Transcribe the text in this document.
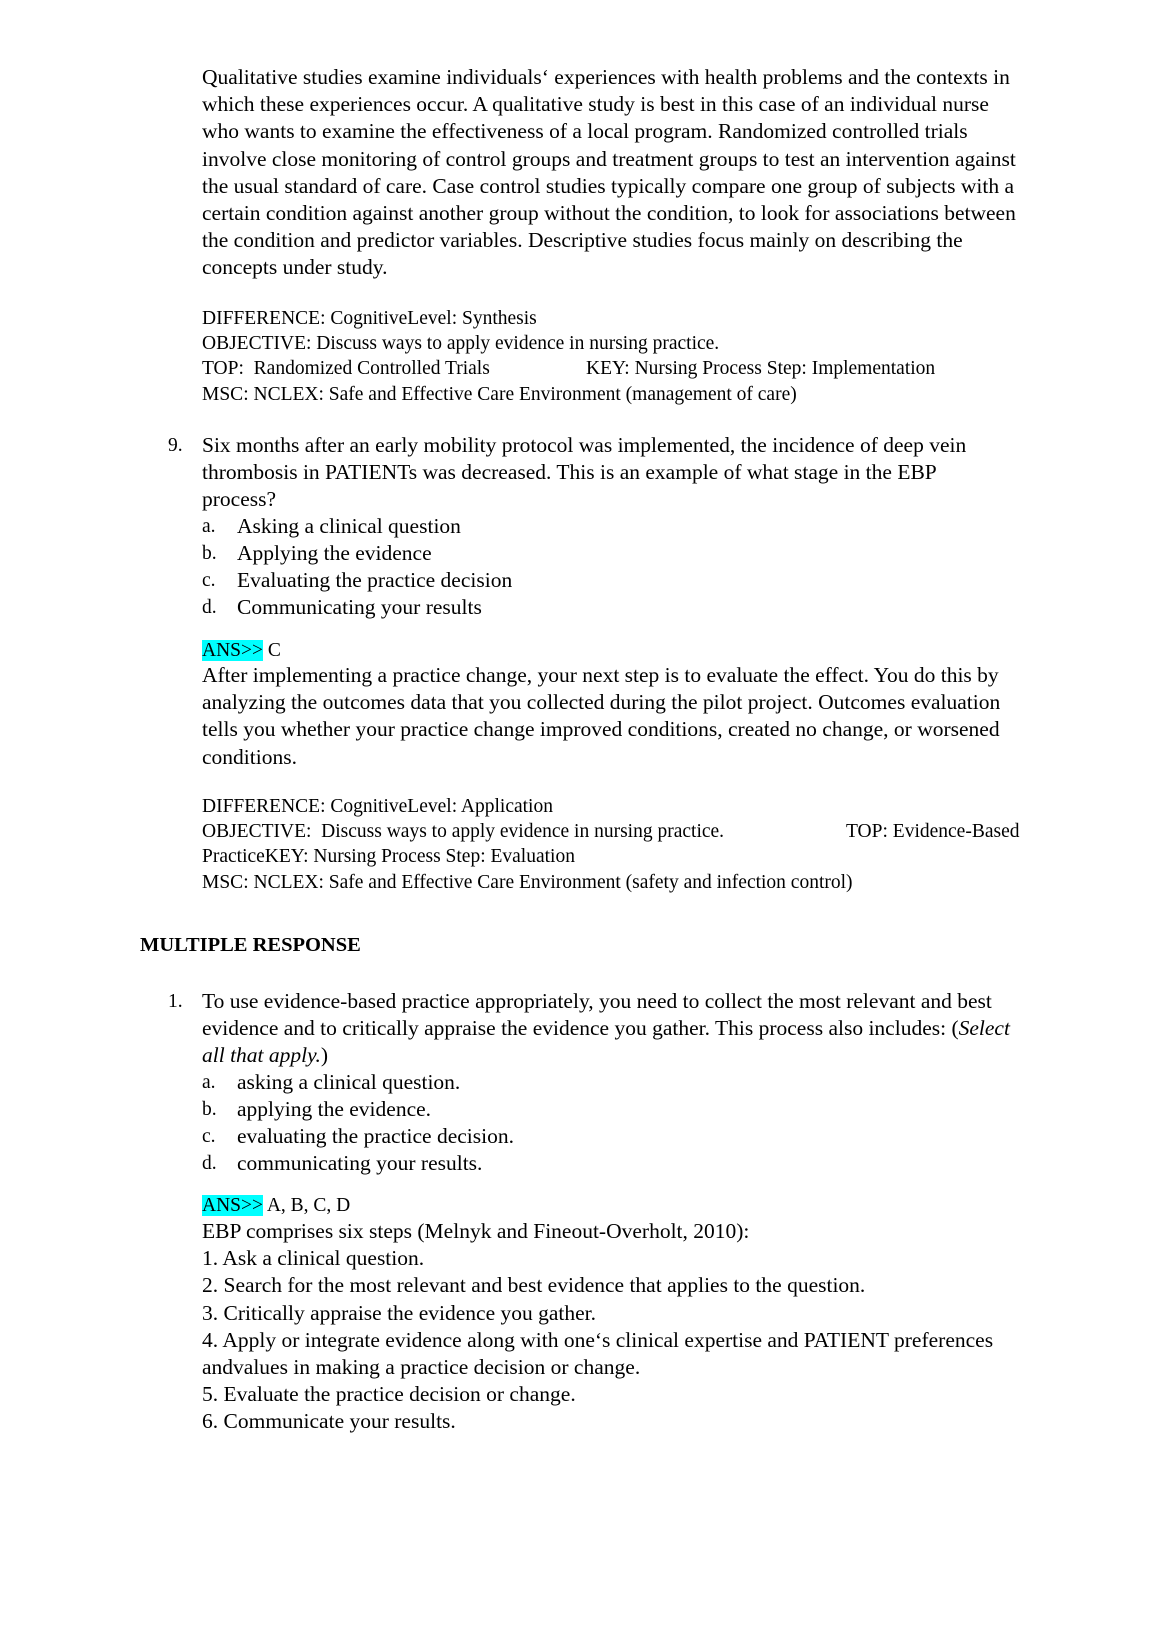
Qualitative studies examine individuals‘ experiences with health problems and the contexts in
which these experiences occur. A qualitative study is best in this case of an individual nurse
who wants to examine the effectiveness of a local program. Randomized controlled trials
involve close monitoring of control groups and treatment groups to test an intervention against
the usual standard of care. Case control studies typically compare one group of subjects with a
certain condition against another group without the condition, to look for associations between
the condition and predictor variables. Descriptive studies focus mainly on describing the
concepts under study.
DIFFERENCE: CognitiveLevel: Synthesis
OBJECTIVE: Discuss ways to apply evidence in nursing practice.
TOP:  Randomized Controlled Trials	KEY: Nursing Process Step: Implementation
MSC: NCLEX: Safe and Effective Care Environment (management of care)
9. Six months after an early mobility protocol was implemented, the incidence of deep vein
thrombosis in PATIENTs was decreased. This is an example of what stage in the EBP
process?
a. Asking a clinical question
b. Applying the evidence
c. Evaluating the practice decision
d. Communicating your results
ANS>> C
After implementing a practice change, your next step is to evaluate the effect. You do this by
analyzing the outcomes data that you collected during the pilot project. Outcomes evaluation
tells you whether your practice change improved conditions, created no change, or worsened
conditions.
DIFFERENCE: CognitiveLevel: Application
OBJECTIVE:  Discuss ways to apply evidence in nursing practice.	TOP: Evidence-Based
PracticeKEY: Nursing Process Step: Evaluation
MSC: NCLEX: Safe and Effective Care Environment (safety and infection control)
MULTIPLE RESPONSE
1. To use evidence-based practice appropriately, you need to collect the most relevant and best
evidence and to critically appraise the evidence you gather. This process also includes: (Select
all that apply.)
a. asking a clinical question.
b. applying the evidence.
c. evaluating the practice decision.
d. communicating your results.
ANS>> A, B, C, D
EBP comprises six steps (Melnyk and Fineout-Overholt, 2010):
1. Ask a clinical question.
2. Search for the most relevant and best evidence that applies to the question.
3. Critically appraise the evidence you gather.
4. Apply or integrate evidence along with one‘s clinical expertise and PATIENT preferences
andvalues in making a practice decision or change.
5. Evaluate the practice decision or change.
6. Communicate your results.
